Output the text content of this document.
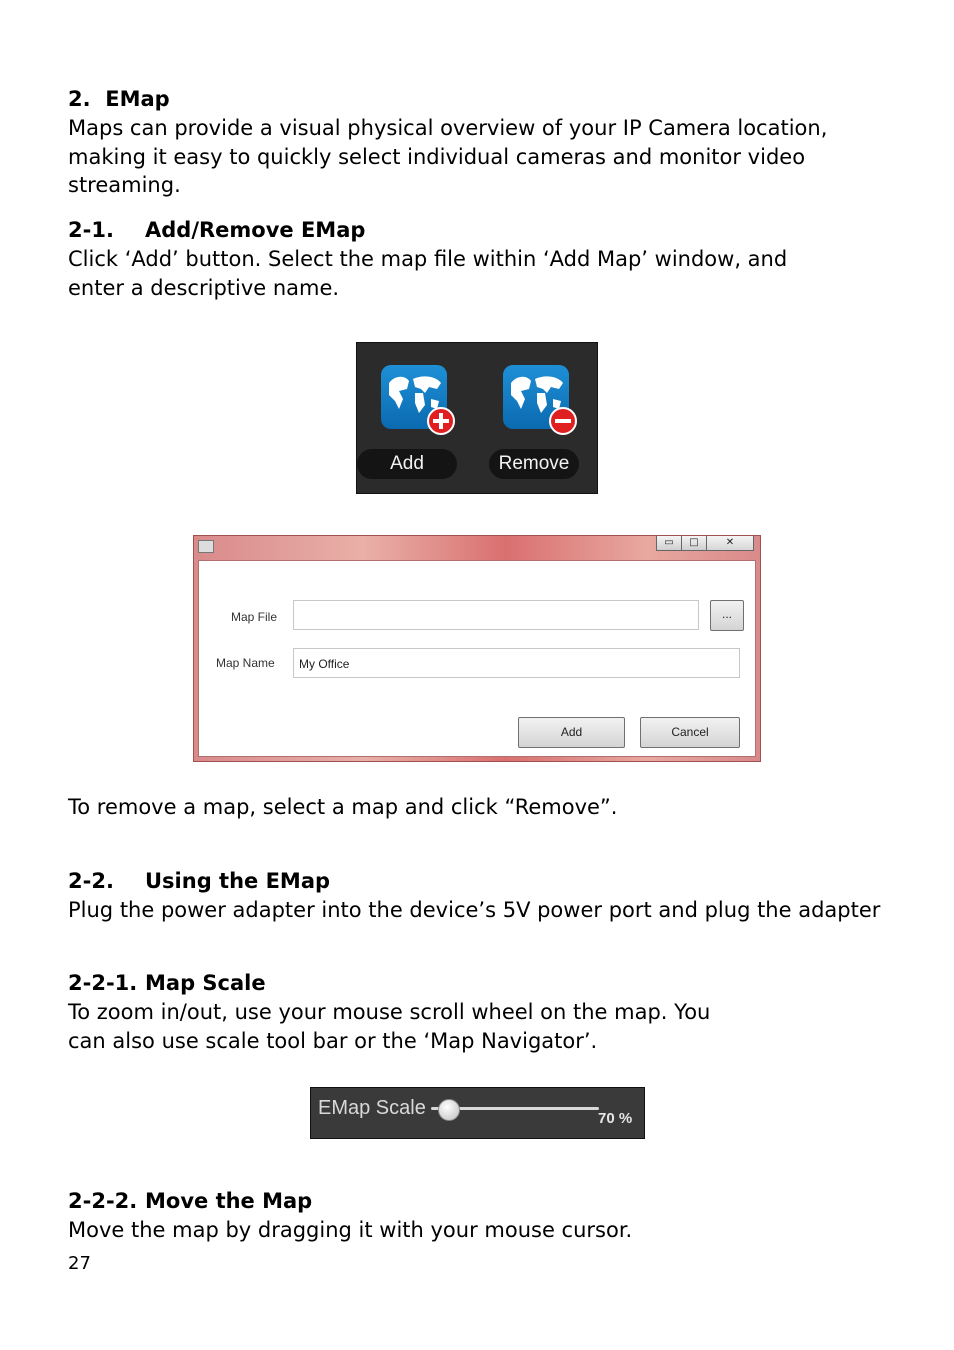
2. EMap
Maps can provide a visual physical overview of your IP Camera location,
making it easy to quickly select individual cameras and monitor video
streaming.
2-1. Add/Remove EMap
Click ‘Add’ button. Select the map file within ‘Add Map’ window, and
enter a descriptive name.
Add	Remove
▭	□	✕
Map File	...
Map Name	My Office
Add	Cancel
To remove a map, select a map and click “Remove”.
2-2. Using the EMap
Plug the power adapter into the device’s 5V power port and plug the adapter
2-2-1. Map Scale
To zoom in/out, use your mouse scroll wheel on the map. You
can also use scale tool bar or the ‘Map Navigator’.
EMap Scale	70 %
2-2-2. Move the Map
Move the map by dragging it with your mouse cursor.
27
